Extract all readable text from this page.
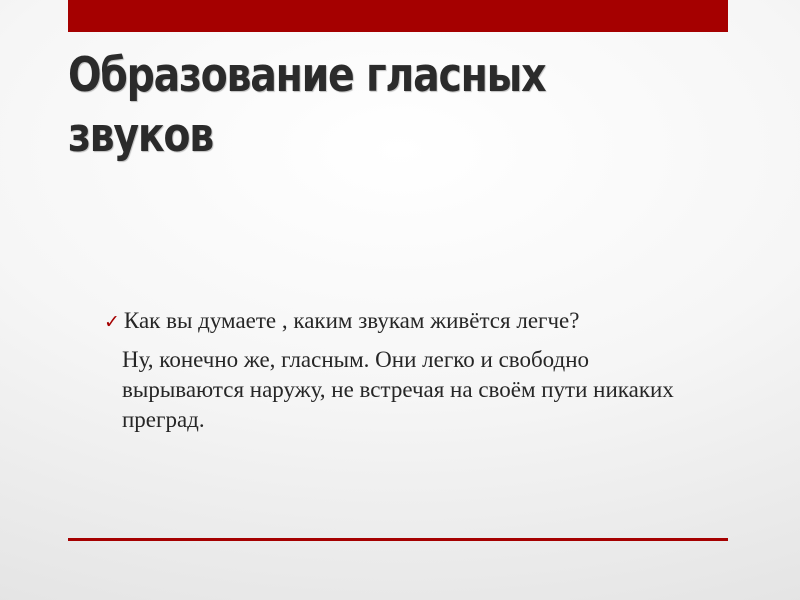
Образование гласных звуков
✓ Как вы думаете , каким звукам живётся легче?

Ну, конечно же, гласным. Они легко и свободно вырываются наружу, не встречая на своём пути никаких преград.
